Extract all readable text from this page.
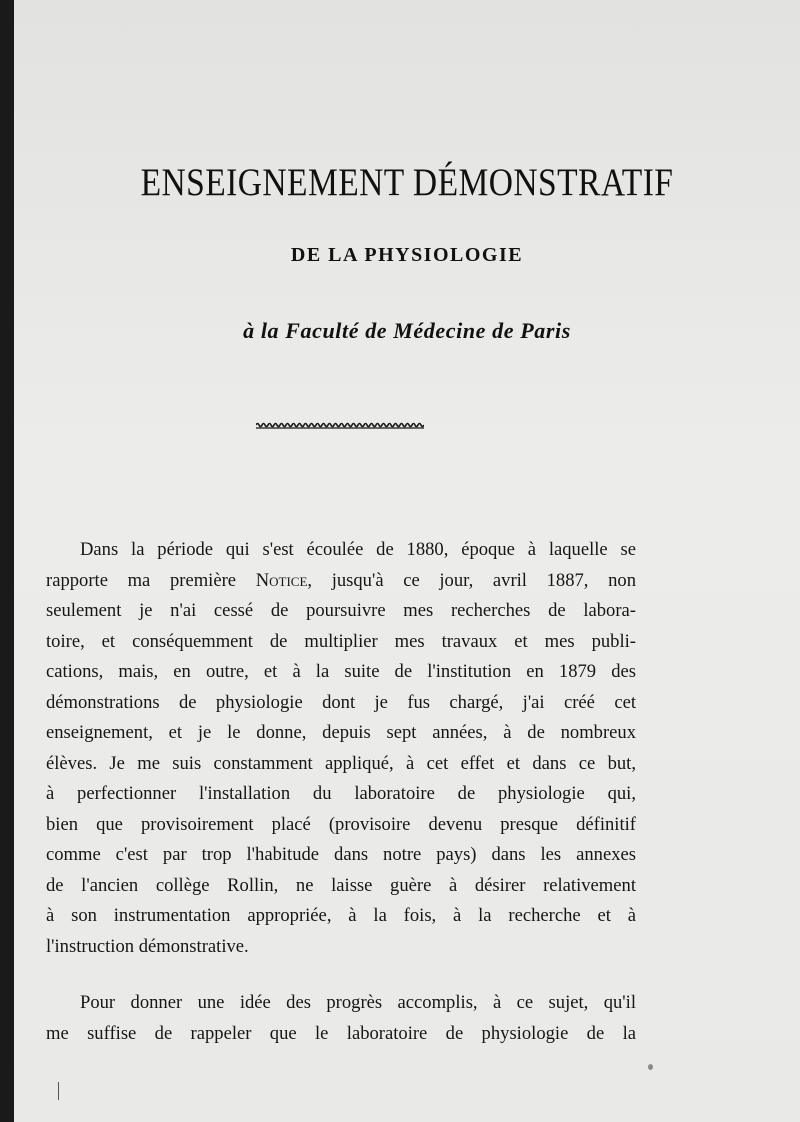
ENSEIGNEMENT DÉMONSTRATIF
DE LA PHYSIOLOGIE
à la Faculté de Médecine de Paris
Dans la période qui s'est écoulée de 1880, époque à laquelle se
rapporte ma première Notice, jusqu'à ce jour, avril 1887, non
seulement je n'ai cessé de poursuivre mes recherches de labora-
toire, et conséquemment de multiplier mes travaux et mes publi-
cations, mais, en outre, et à la suite de l'institution en 1879 des
démonstrations de physiologie dont je fus chargé, j'ai créé cet
enseignement, et je le donne, depuis sept années, à de nombreux
élèves. Je me suis constamment appliqué, à cet effet et dans ce but,
à perfectionner l'installation du laboratoire de physiologie qui,
bien que provisoirement placé (provisoire devenu presque définitif
comme c'est par trop l'habitude dans notre pays) dans les annexes
de l'ancien collège Rollin, ne laisse guère à désirer relativement
à son instrumentation appropriée, à la fois, à la recherche et à
l'instruction démonstrative.
Pour donner une idée des progrès accomplis, à ce sujet, qu'il
me suffise de rappeler que le laboratoire de physiologie de la
